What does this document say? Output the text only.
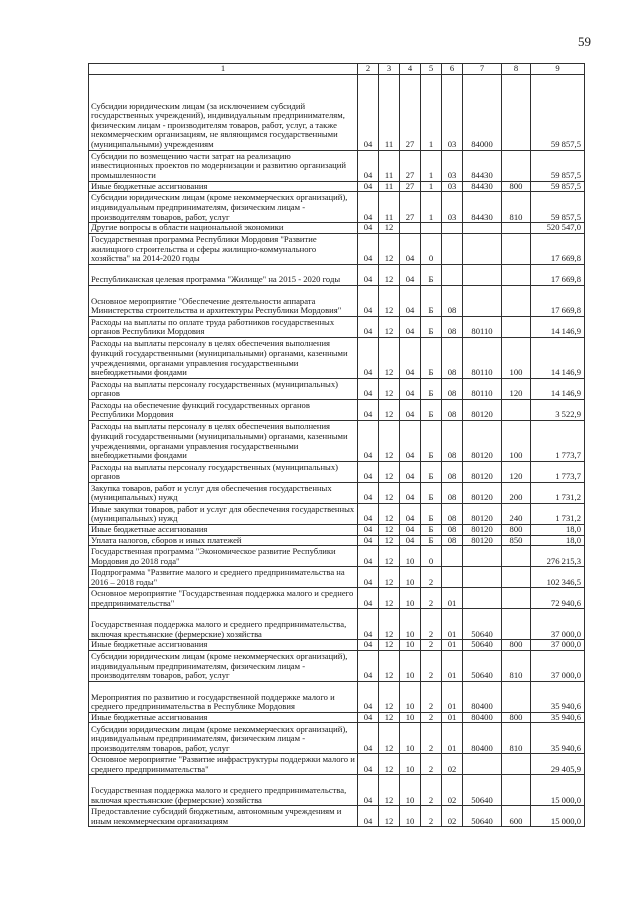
59
1	2	3	4	5	6	7	8	9
Субсидии юридическим лицам (за исключением субсидий государственных учреждений), индивидуальным предпринимателям, физическим лицам - производителям товаров, работ, услуг, а также некоммерческим организациям, не являющимся государственными (муниципальными) учреждениям	04	11	27	1	03	84000		59 857,5
Субсидии по возмещению части затрат на реализацию инвестиционных проектов по модернизации и развитию организаций промышленности	04	11	27	1	03	84430		59 857,5
Иные бюджетные ассигнования	04	11	27	1	03	84430	800	59 857,5
Субсидии юридическим лицам (кроме некоммерческих организаций), индивидуальным предпринимателям, физическим лицам - производителям товаров, работ, услуг	04	11	27	1	03	84430	810	59 857,5
Другие вопросы в области национальной экономики	04	12						520 547,0
Государственная программа Республики Мордовия "Развитие жилищного строительства и сферы жилищно-коммунального хозяйства" на 2014-2020 годы	04	12	04	0				17 669,8
Республиканская целевая программа "Жилище" на 2015 - 2020 годы	04	12	04	Б				17 669,8
Основное мероприятие "Обеспечение деятельности аппарата Министерства строительства и архитектуры Республики Мордовия"	04	12	04	Б	08			17 669,8
Расходы на выплаты по оплате труда работников государственных органов Республики Мордовия	04	12	04	Б	08	80110		14 146,9
Расходы на выплаты персоналу в целях обеспечения выполнения функций государственными (муниципальными) органами, казенными учреждениями, органами управления государственными внебюджетными фондами	04	12	04	Б	08	80110	100	14 146,9
Расходы на выплаты персоналу государственных (муниципальных) органов	04	12	04	Б	08	80110	120	14 146,9
Расходы на обеспечение функций государственных органов Республики Мордовия	04	12	04	Б	08	80120		3 522,9
Расходы на выплаты персоналу в целях обеспечения выполнения функций государственными (муниципальными) органами, казенными учреждениями, органами управления государственными внебюджетными фондами	04	12	04	Б	08	80120	100	1 773,7
Расходы на выплаты персоналу государственных (муниципальных) органов	04	12	04	Б	08	80120	120	1 773,7
Закупка товаров, работ и услуг для обеспечения государственных (муниципальных) нужд	04	12	04	Б	08	80120	200	1 731,2
Иные закупки товаров, работ и услуг для обеспечения государственных (муниципальных) нужд	04	12	04	Б	08	80120	240	1 731,2
Иные бюджетные ассигнования	04	12	04	Б	08	80120	800	18,0
Уплата налогов, сборов и иных платежей	04	12	04	Б	08	80120	850	18,0
Государственная программа "Экономическое развитие Республики Мордовия до 2018 года"	04	12	10	0				276 215,3
Подпрограмма "Развитие малого и среднего предпринимательства на 2016 – 2018 годы"	04	12	10	2				102 346,5
Основное мероприятие "Государственная поддержка малого и среднего предпринимательства"	04	12	10	2	01			72 940,6
Государственная поддержка малого и среднего предпринимательства, включая крестьянские (фермерские) хозяйства	04	12	10	2	01	50640		37 000,0
Иные бюджетные ассигнования	04	12	10	2	01	50640	800	37 000,0
Субсидии юридическим лицам (кроме некоммерческих организаций), индивидуальным предпринимателям, физическим лицам - производителям товаров, работ, услуг	04	12	10	2	01	50640	810	37 000,0
Мероприятия по развитию и государственной поддержке малого и среднего предпринимательства в Республике Мордовия	04	12	10	2	01	80400		35 940,6
Иные бюджетные ассигнования	04	12	10	2	01	80400	800	35 940,6
Субсидии юридическим лицам (кроме некоммерческих организаций), индивидуальным предпринимателям, физическим лицам - производителям товаров, работ, услуг	04	12	10	2	01	80400	810	35 940,6
Основное мероприятие "Развитие инфраструктуры поддержки малого и среднего предпринимательства"	04	12	10	2	02			29 405,9
Государственная поддержка малого и среднего предпринимательства, включая крестьянские (фермерские) хозяйства	04	12	10	2	02	50640		15 000,0
Предоставление субсидий бюджетным, автономным учреждениям и иным некоммерческим организациям	04	12	10	2	02	50640	600	15 000,0
